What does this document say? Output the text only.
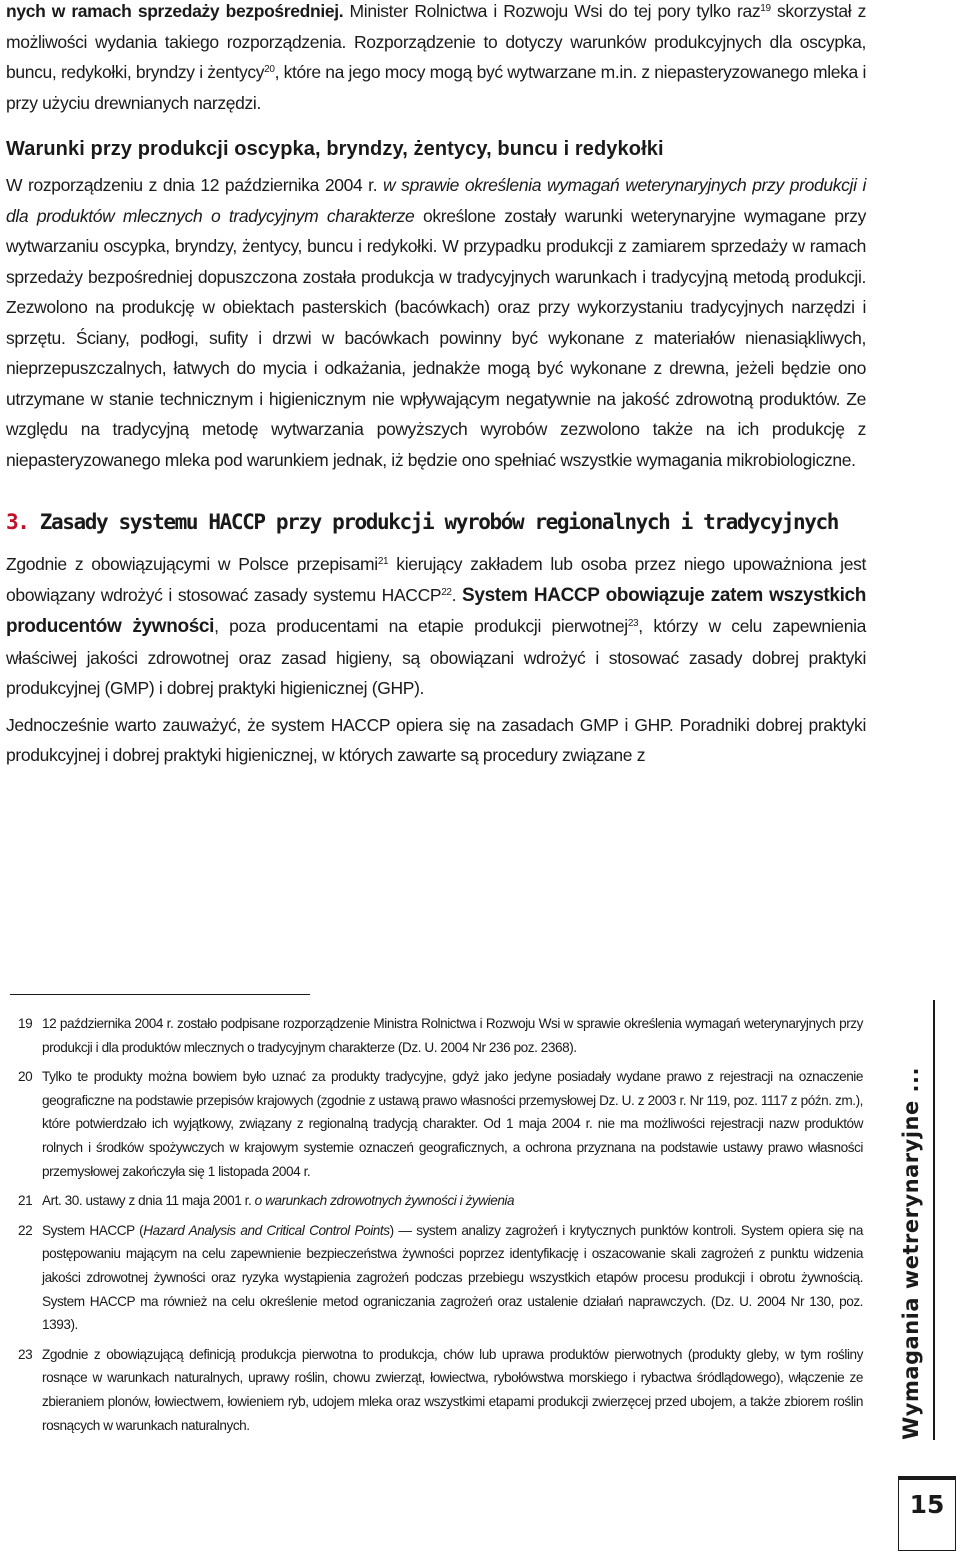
nych w ramach sprzedaży bezpośredniej. Minister Rolnictwa i Rozwoju Wsi do tej pory tylko raz$^{19}$ skorzystał z możliwości wydania takiego rozporządzenia. Rozporządzenie to dotyczy warunków produkcyjnych dla oscypka, buncu, redykołki, bryndzy i żentycy$^{20}$, które na jego mocy mogą być wytwarzane m.in. z niepasteryzowanego mleka i przy użyciu drewnianych narzędzi.

Warunki przy produkcji oscypka, bryndzy, żentycy, buncu i redykołki

W rozporządzeniu z dnia 12 października 2004 r. w sprawie określenia wymagań weterynaryjnych przy produkcji i dla produktów mlecznych o tradycyjnym charakterze określone zostały warunki weterynaryjne wymagane przy wytwarzaniu oscypka, bryndzy, żentycy, buncu i redykołki. W przypadku produkcji z zamiarem sprzedaży w ramach sprzedaży bezpośredniej dopuszczona została produkcja w tradycyjnych warunkach i tradycyjną metodą produkcji. Zezwolono na produkcję w obiektach pasterskich (bacówkach) oraz przy wykorzystaniu tradycyjnych narzędzi i sprzętu. Ściany, podłogi, sufity i drzwi w bacówkach powinny być wykonane z materiałów nienasiąkliwych, nieprzepuszczalnych, łatwych do mycia i odkażania, jednakże mogą być wykonane z drewna, jeżeli będzie ono utrzymane w stanie technicznym i higienicznym nie wpływającym negatywnie na jakość zdrowotną produktów. Ze względu na tradycyjną metodę wytwarzania powyższych wyrobów zezwolono także na ich produkcję z niepasteryzowanego mleka pod warunkiem jednak, iż będzie ono spełniać wszystkie wymagania mikrobiologiczne.

3. Zasady systemu HACCP przy produkcji wyrobów regionalnych i tradycyjnych

Zgodnie z obowiązującymi w Polsce przepisami$^{21}$ kierujący zakładem lub osoba przez niego upoważniona jest obowiązany wdrożyć i stosować zasady systemu HACCP$^{22}$. System HACCP obowiązuje zatem wszystkich producentów żywności, poza producentami na etapie produkcji pierwotnej$^{23}$, którzy w celu zapewnienia właściwej jakości zdrowotnej oraz zasad higieny, są obowiązani wdrożyć i stosować zasady dobrej praktyki produkcyjnej (GMP) i dobrej praktyki higienicznej (GHP).

Jednocześnie warto zauważyć, że system HACCP opiera się na zasadach GMP i GHP. Poradniki dobrej praktyki produkcyjnej i dobrej praktyki higienicznej, w których zawarte są procedury związane z

19 12 października 2004 r. zostało podpisane rozporządzenie Ministra Rolnictwa i Rozwoju Wsi w sprawie określenia wymagań weterynaryjnych przy produkcji i dla produktów mlecznych o tradycyjnym charakterze (Dz. U. 2004 Nr 236 poz. 2368).
20 Tylko te produkty można bowiem było uznać za produkty tradycyjne, gdyż jako jedyne posiadały wydane prawo z rejestracji na oznaczenie geograficzne na podstawie przepisów krajowych (zgodnie z ustawą prawo własności przemysłowej Dz. U. z 2003 r. Nr 119, poz. 1117 z późn. zm.), które potwierdzało ich wyjątkowy, związany z regionalną tradycją charakter. Od 1 maja 2004 r. nie ma możliwości rejestracji nazw produktów rolnych i środków spożywczych w krajowym systemie oznaczeń geograficznych, a ochrona przyznana na podstawie ustawy prawo własności przemysłowej zakończyła się 1 listopada 2004 r.
21 Art. 30. ustawy z dnia 11 maja 2001 r. o warunkach zdrowotnych żywności i żywienia
22 System HACCP (Hazard Analysis and Critical Control Points) — system analizy zagrożeń i krytycznych punktów kontroli. System opiera się na postępowaniu mającym na celu zapewnienie bezpieczeństwa żywności poprzez identyfikację i oszacowanie skali zagrożeń z punktu widzenia jakości zdrowotnej żywności oraz ryzyka wystąpienia zagrożeń podczas przebiegu wszystkich etapów procesu produkcji i obrotu żywnością. System HACCP ma również na celu określenie metod ograniczania zagrożeń oraz ustalenie działań naprawczych. (Dz. U. 2004 Nr 130, poz. 1393).
23 Zgodnie z obowiązującą definicją produkcja pierwotna to produkcja, chów lub uprawa produktów pierwotnych (produkty gleby, w tym rośliny rosnące w warunkach naturalnych, uprawy roślin, chowu zwierząt, łowiectwa, rybołówstwa morskiego i rybactwa śródlądowego), włączenie ze zbieraniem plonów, łowiectwem, łowieniem ryb, udojem mleka oraz wszystkimi etapami produkcji zwierzęcej przed ubojem, a także zbiorem roślin rosnących w warunkach naturalnych.	Wymagania wetrerynaryjne ...
15
